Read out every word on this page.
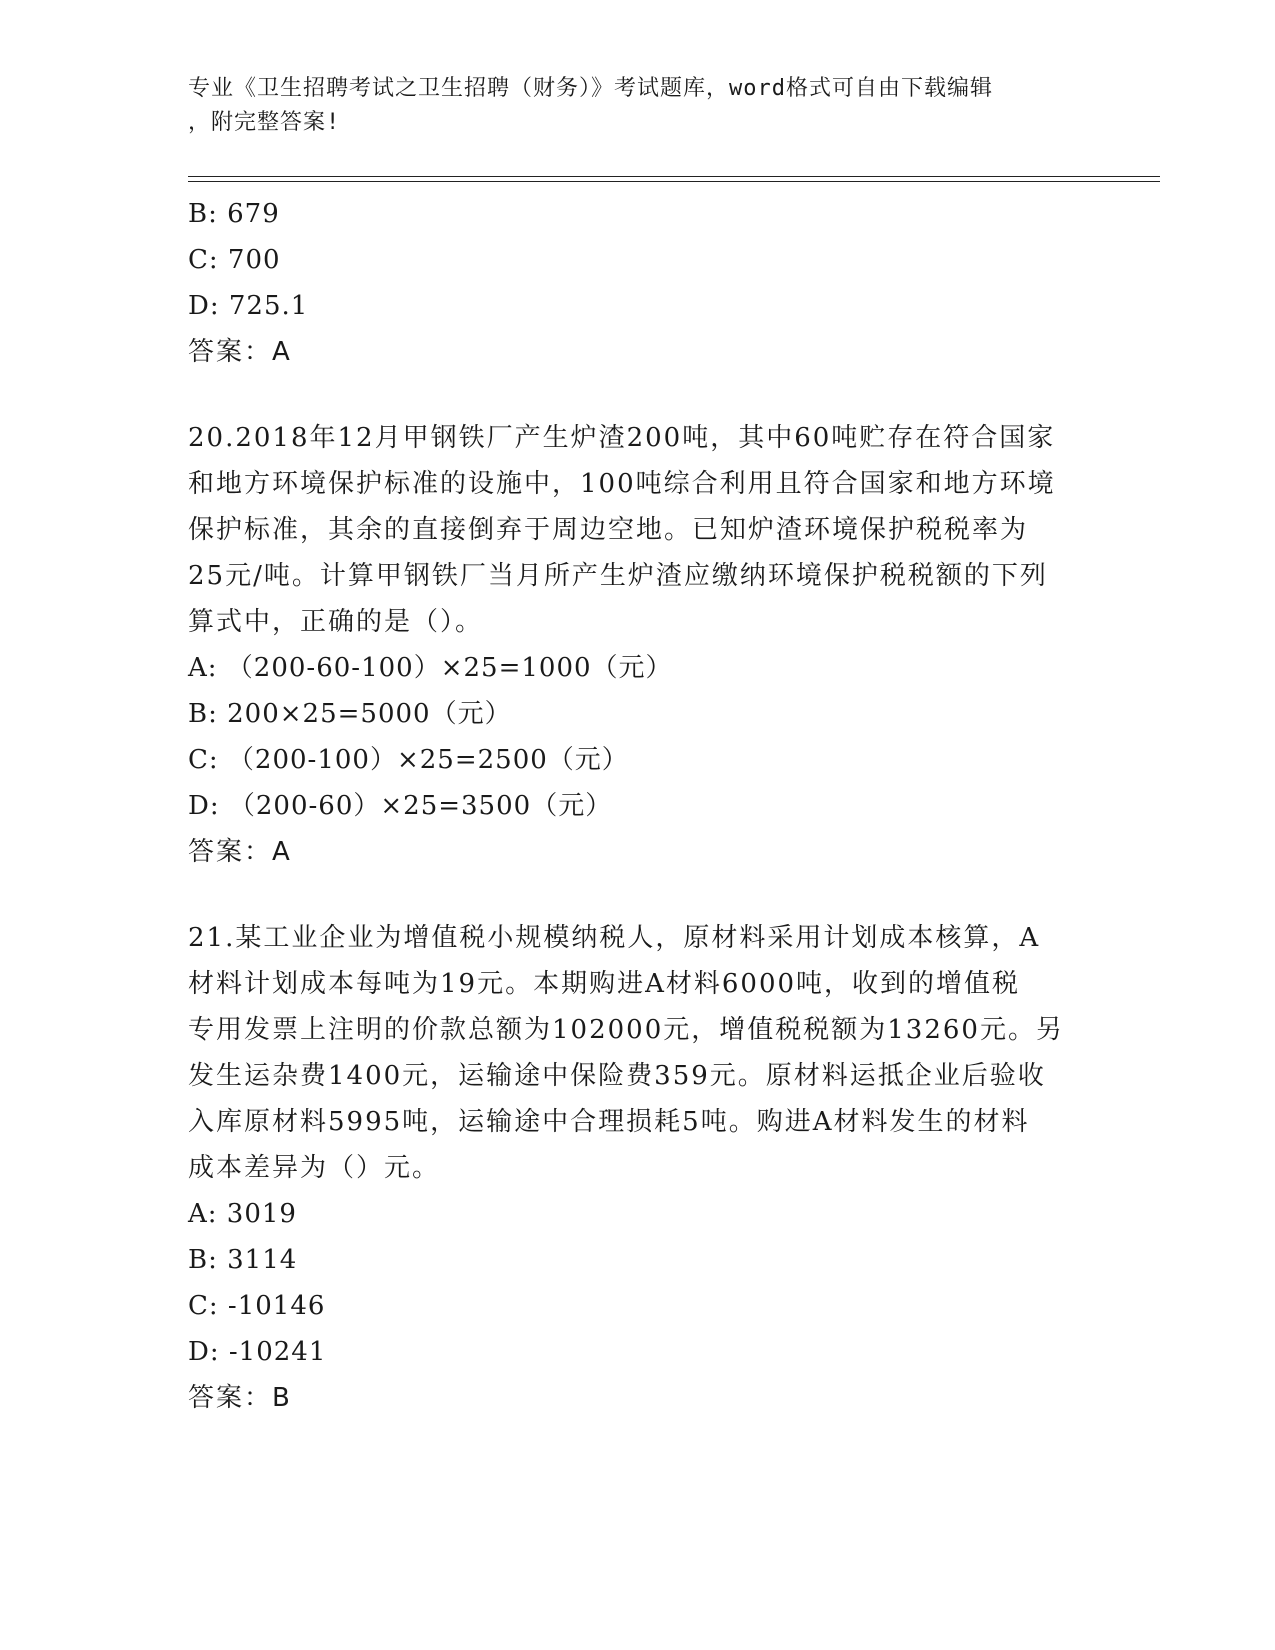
专业《卫生招聘考试之卫生招聘（财务）》考试题库，word格式可自由下载编辑
，附完整答案!
B: 679
C: 700
D: 725.1
答案：A
20.2018年12月甲钢铁厂产生炉渣200吨，其中60吨贮存在符合国家
和地方环境保护标准的设施中，100吨综合利用且符合国家和地方环境
保护标准，其余的直接倒弃于周边空地。已知炉渣环境保护税税率为
25元/吨。计算甲钢铁厂当月所产生炉渣应缴纳环境保护税税额的下列
算式中，正确的是（）。
A: （200-60-100）×25=1000（元）
B: 200×25=5000（元）
C: （200-100）×25=2500（元）
D: （200-60）×25=3500（元）
答案：A
21.某工业企业为增值税小规模纳税人，原材料采用计划成本核算，A
材料计划成本每吨为19元。本期购进A材料6000吨，收到的增值税
专用发票上注明的价款总额为102000元，增值税税额为13260元。另
发生运杂费1400元，运输途中保险费359元。原材料运抵企业后验收
入库原材料5995吨，运输途中合理损耗5吨。购进A材料发生的材料
成本差异为（）元。
A: 3019
B: 3114
C: -10146
D: -10241
答案：B
